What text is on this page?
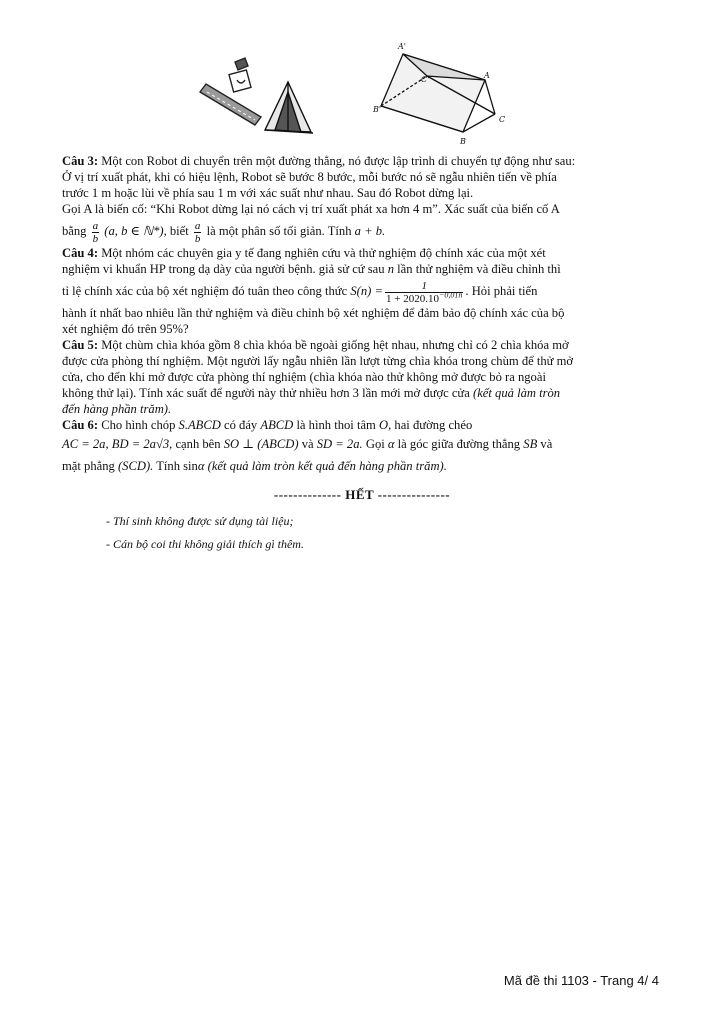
A'
C'	A
B'
C
B

Câu 3: Một con Robot di chuyển trên một đường thẳng, nó được lập trình di chuyển tự động như sau:

Ở vị trí xuất phát, khi có hiệu lệnh, Robot sẽ bước 8 bước, mỗi bước nó sẽ ngẫu nhiên tiến về phía

trước 1 m hoặc lùi về phía sau 1 m với xác suất như nhau. Sau đó Robot dừng lại.

Gọi A là biến cố: “Khi Robot dừng lại nó cách vị trí xuất phát xa hơn 4 m”. Xác suất của biến cố A

bằng $\frac{a}{b} (a$, b ∈ ℕ*), biết $\frac{a}{b}$ là một phân số tối giản. Tính a + b.

Câu 4: Một nhóm các chuyên gia y tế đang nghiên cứu và thử nghiệm độ chính xác của một xét

nghiệm vi khuẩn HP trong dạ dày của người bệnh. giả sử cứ sau n lần thử nghiệm và điều chỉnh thì

tỉ lệ chính xác của bộ xét nghiệm đó tuân theo công thức $S(n) = \frac{1}{1 + 2020.10^{-0,01n}}$ . Hỏi phải tiến

hành ít nhất bao nhiêu lần thử nghiệm và điều chỉnh bộ xét nghiệm để đảm bảo độ chính xác của bộ

xét nghiệm đó trên 95%?

Câu 5: Một chùm chìa khóa gồm 8 chìa khóa bề ngoài giống hệt nhau, nhưng chỉ có 2 chìa khóa mở

được cửa phòng thí nghiệm. Một người lấy ngẫu nhiên lần lượt từng chìa khóa trong chùm để thử mở

cửa, cho đến khi mở được cửa phòng thí nghiệm (chìa khóa nào thử không mở được bỏ ra ngoài

không thử lại). Tính xác suất để người này thử nhiều hơn 3 lần mới mở được cửa (kết quả làm tròn

đến hàng phần trăm).

Câu 6: Cho hình chóp S.ABCD có đáy ABCD là hình thoi tâm O, hai đường chéo

AC = 2a, BD = 2a√3, cạnh bên SO ⊥ (ABCD) và SD = 2a. Gọi α là góc giữa đường thẳng SB và

mặt phẳng (SCD). Tính sinα (kết quả làm tròn kết quả đến hàng phần trăm).

-------------- HẾT ---------------

- Thí sinh không được sử dụng tài liệu;

- Cán bộ coi thi không giải thích gì thêm.

Mã đề thi 1103 - Trang 4/ 4
